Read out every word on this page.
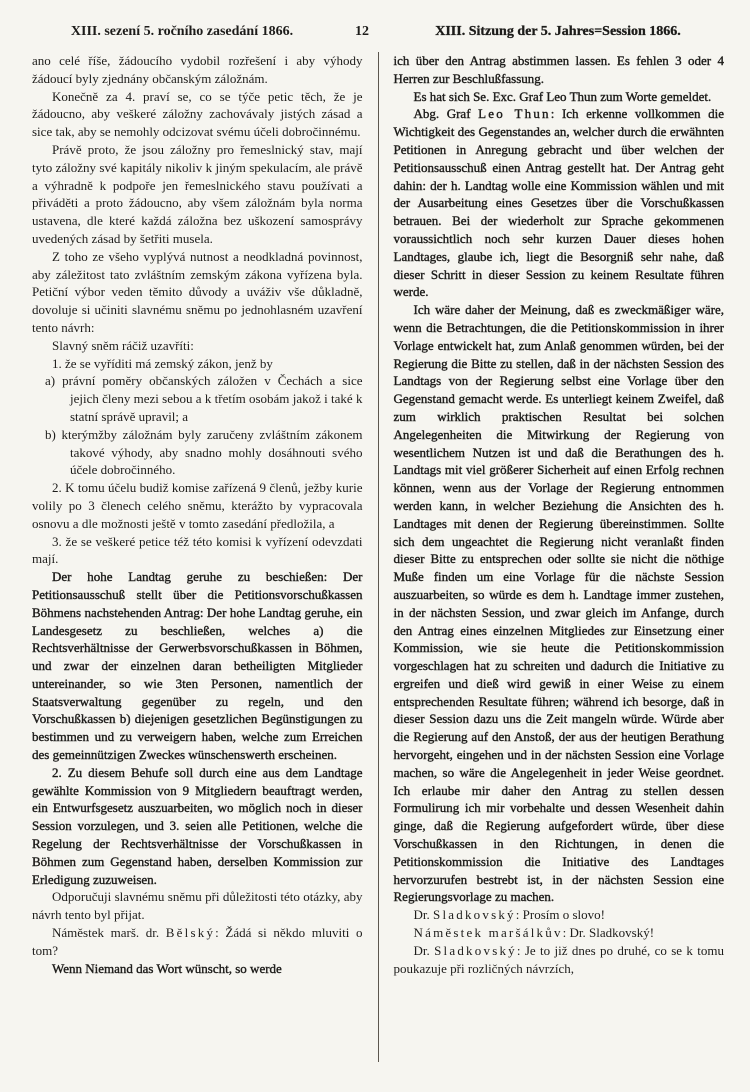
XIII. sezení 5. ročního zasedání 1866.	12	XIII. Sitzung der 5. Jahres=Session 1866.

ano celé říše, žádoucího vydobil rozřešení i aby výhody žádoucí byly zjednány občanským záložnám.

Konečně za 4. praví se, co se týče petic těch, že je žádoucno, aby veškeré záložny zachovávaly jistých zásad a sice tak, aby se nemohly odcizovat svému účeli dobročinnému.

Právě proto, že jsou záložny pro řemeslnický stav, mají tyto záložny své kapitály nikoliv k jiným spekulacím, ale právě a výhradně k podpoře jen řemeslnického stavu používati a přiváděti a proto žádoucno, aby všem záložnám byla norma ustavena, dle které každá záložna bez uškození samosprávy uvedených zásad by šetřiti musela.

Z toho ze všeho vyplývá nutnost a neodkladná povinnost, aby záležitost tato zvláštním zemským zákona vyřízena byla. Petiční výbor veden těmito důvody a uváživ vše důkladně, dovoluje si učiniti slavnému sněmu po jednohlasném uzavření tento návrh:

Slavný sněm ráčiž uzavříti:

1. že se vyříditi má zemský zákon, jenž by

a) právní poměry občanských záložen v Čechách a sice jejich členy mezi sebou a k třetím osobám jakož i také k statní správě upravil; a

b) kterýmžby záložnám byly zaručeny zvláštním zákonem takové výhody, aby snadno mohly dosáhnouti svého účele dobročinného.

2. K tomu účelu budiž komise zařízená 9 členů, ježby kurie volily po 3 členech celého sněmu, kterážto by vypracovala osnovu a dle možnosti ještě v tomto zasedání předložila, a

3. že se veškeré petice též této komisi k vyřízení odevzdati mají.

Der hohe Landtag geruhe zu beschießen: Der Petitionsausschuß stellt über die Petitionsvorschußkassen Böhmens nachstehenden Antrag: Der hohe Landtag geruhe, ein Landesgesetz zu beschließen, welches a) die Rechtsverhältnisse der Gerwerbsvorschußkassen in Böhmen, und zwar der einzelnen daran betheiligten Mitglieder untereinander, so wie 3ten Personen, namentlich der Staatsverwaltung gegenüber zu regeln, und den Vorschußkassen b) diejenigen gesetzlichen Begünstigungen zu bestimmen und zu verweigern haben, welche zum Erreichen des gemeinnützigen Zweckes wünschenswerth erscheinen.

2. Zu diesem Behufe soll durch eine aus dem Landtage gewählte Kommission von 9 Mitgliedern beauftragt werden, ein Entwurfsgesetz auszuarbeiten, wo möglich noch in dieser Session vorzulegen, und 3. seien alle Petitionen, welche die Regelung der Rechtsverhältnisse der Vorschußkassen in Böhmen zum Gegenstand haben, derselben Kommission zur Erledigung zuzuweisen.

Odporučuji slavnému sněmu při důležitosti této otázky, aby návrh tento byl přijat.

Náměstek marš. dr. Bělský: Žádá si někdo mluviti o tom?

Wenn Niemand das Wort wünscht, so werde

ich über den Antrag abstimmen lassen. Es fehlen 3 oder 4 Herren zur Beschlußfassung.

Es hat sich Se. Exc. Graf Leo Thun zum Worte gemeldet.

Abg. Graf Leo Thun: Ich erkenne vollkommen die Wichtigkeit des Gegenstandes an, welcher durch die erwähnten Petitionen in Anregung gebracht und über welchen der Petitionsausschuß einen Antrag gestellt hat. Der Antrag geht dahin: der h. Landtag wolle eine Kommission wählen und mit der Ausarbeitung eines Gesetzes über die Vorschußkassen betrauen. Bei der wiederholt zur Sprache gekommenen voraussichtlich noch sehr kurzen Dauer dieses hohen Landtages, glaube ich, liegt die Besorgniß sehr nahe, daß dieser Schritt in dieser Session zu keinem Resultate führen werde.

Ich wäre daher der Meinung, daß es zweckmäßiger wäre, wenn die Betrachtungen, die die Petitionskommission in ihrer Vorlage entwickelt hat, zum Anlaß genommen würden, bei der Regierung die Bitte zu stellen, daß in der nächsten Session des Landtags von der Regierung selbst eine Vorlage über den Gegenstand gemacht werde. Es unterliegt keinem Zweifel, daß zum wirklich praktischen Resultat bei solchen Angelegenheiten die Mitwirkung der Regierung von wesentlichem Nutzen ist und daß die Berathungen des h. Landtags mit viel größerer Sicherheit auf einen Erfolg rechnen können, wenn aus der Vorlage der Regierung entnommen werden kann, in welcher Beziehung die Ansichten des h. Landtages mit denen der Regierung übereinstimmen. Sollte sich dem ungeachtet die Regierung nicht veranlaßt finden dieser Bitte zu entsprechen oder sollte sie nicht die nöthige Muße finden um eine Vorlage für die nächste Session auszuarbeiten, so würde es dem h. Landtage immer zustehen, in der nächsten Session, und zwar gleich im Anfange, durch den Antrag eines einzelnen Mitgliedes zur Einsetzung einer Kommission, wie sie heute die Petitionskommission vorgeschlagen hat zu schreiten und dadurch die Initiative zu ergreifen und dieß wird gewiß in einer Weise zu einem entsprechenden Resultate führen; während ich besorge, daß in dieser Session dazu uns die Zeit mangeln würde. Würde aber die Regierung auf den Anstoß, der aus der heutigen Berathung hervorgeht, eingehen und in der nächsten Session eine Vorlage machen, so wäre die Angelegenheit in jeder Weise geordnet. Ich erlaube mir daher den Antrag zu stellen dessen Formulirung ich mir vorbehalte und dessen Wesenheit dahin ginge, daß die Regierung aufgefordert würde, über diese Vorschußkassen in den Richtungen, in denen die Petitionskommission die Initiative des Landtages hervorzurufen bestrebt ist, in der nächsten Session eine Regierungsvorlage zu machen.

Dr. Sladkovský: Prosím o slovo!

Náměstek maršálkův: Dr. Sladkovský!

Dr. Sladkovský: Je to již dnes po druhé, co se k tomu poukazuje při rozličných návrzích,
